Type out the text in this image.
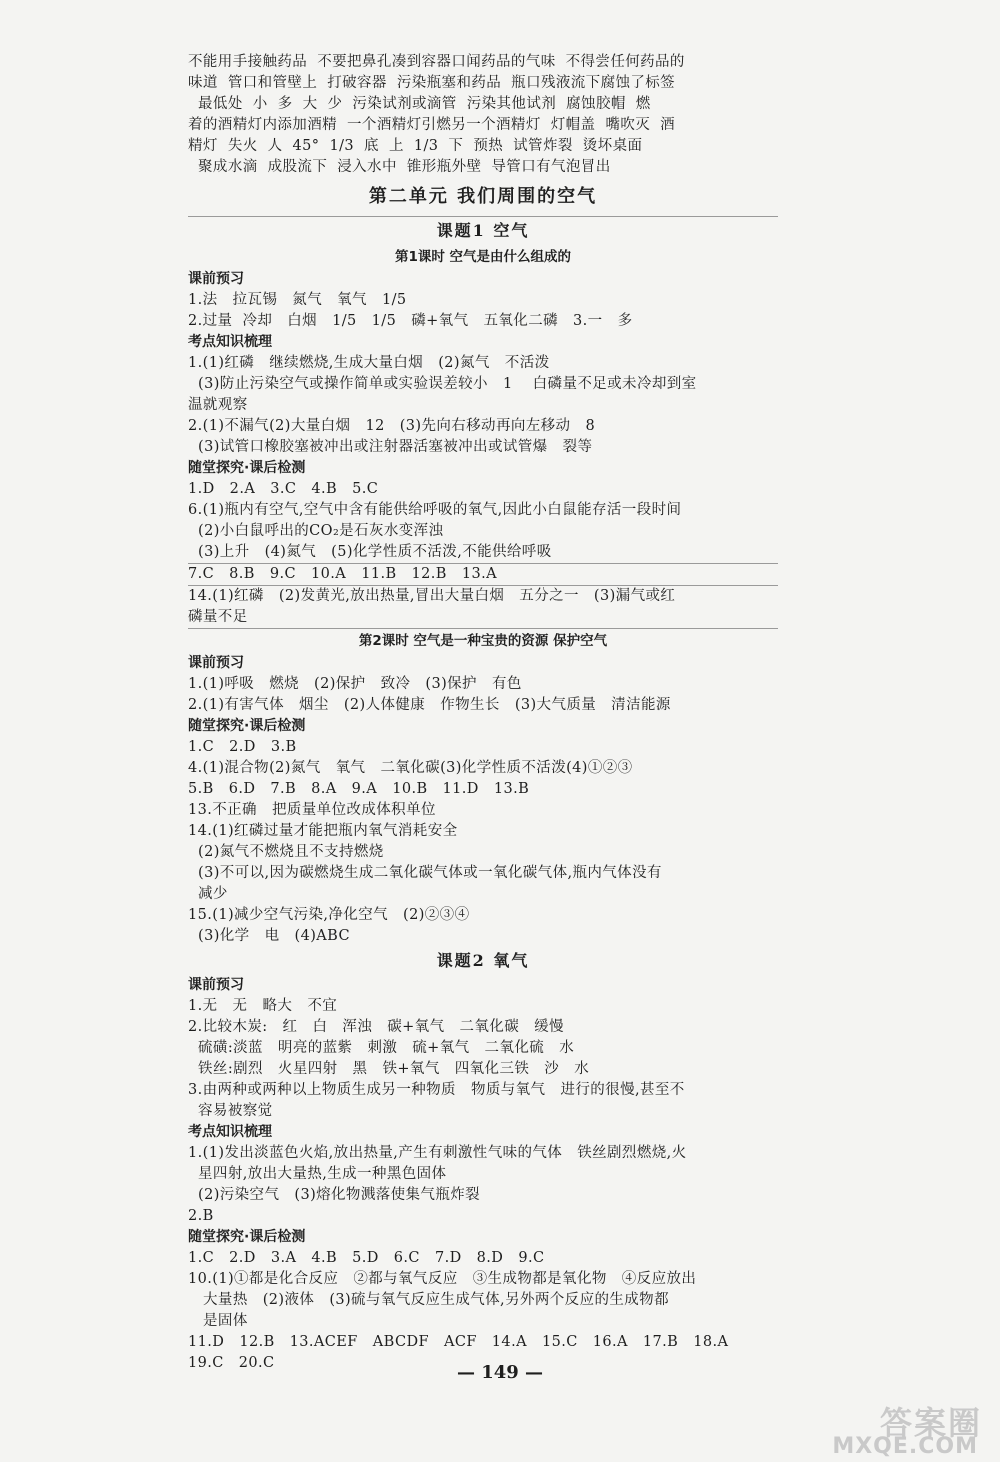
不能用手接触药品  不要把鼻孔凑到容器口闻药品的气味  不得尝任何药品的
味道  管口和管壁上  打破容器  污染瓶塞和药品  瓶口残液流下腐蚀了标签
最低处  小  多  大  少  污染试剂或滴管  污染其他试剂  腐蚀胶帽  燃
着的酒精灯内添加酒精  一个酒精灯引燃另一个酒精灯  灯帽盖  嘴吹灭  酒
精灯  失火  人  45°  1/3  底  上  1/3  下  预热  试管炸裂  烫坏桌面
聚成水滴  成股流下  浸入水中  锥形瓶外壁  导管口有气泡冒出
第二单元 我们周围的空气
课题1 空气
第1课时 空气是由什么组成的
课前预习
1.法   拉瓦锡   氮气   氧气   1/5
2.过量  冷却   白烟   1/5   1/5   磷+氧气   五氧化二磷   3.一   多
考点知识梳理
1.(1)红磷   继续燃烧,生成大量白烟   (2)氮气   不活泼
(3)防止污染空气或操作简单或实验误差较小   1    白磷量不足或未冷却到室
温就观察
2.(1)不漏气(2)大量白烟   12   (3)先向右移动再向左移动   8
(3)试管口橡胶塞被冲出或注射器活塞被冲出或试管爆   裂等
随堂探究·课后检测
1.D   2.A   3.C   4.B   5.C
6.(1)瓶内有空气,空气中含有能供给呼吸的氧气,因此小白鼠能存活一段时间
(2)小白鼠呼出的CO₂是石灰水变浑浊
(3)上升   (4)氮气   (5)化学性质不活泼,不能供给呼吸
7.C   8.B   9.C   10.A   11.B   12.B   13.A
14.(1)红磷   (2)发黄光,放出热量,冒出大量白烟   五分之一   (3)漏气或红
磷量不足
第2课时 空气是一种宝贵的资源 保护空气
课前预习
1.(1)呼吸   燃烧   (2)保护   致冷   (3)保护   有色
2.(1)有害气体   烟尘   (2)人体健康   作物生长   (3)大气质量   清洁能源
随堂探究·课后检测
1.C   2.D   3.B
4.(1)混合物(2)氮气   氧气   二氧化碳(3)化学性质不活泼(4)①②③
5.B   6.D   7.B   8.A   9.A   10.B   11.D   13.B
13.不正确   把质量单位改成体积单位
14.(1)红磷过量才能把瓶内氧气消耗安全
(2)氮气不燃烧且不支持燃烧
(3)不可以,因为碳燃烧生成二氧化碳气体或一氧化碳气体,瓶内气体没有
减少
15.(1)减少空气污染,净化空气   (2)②③④
(3)化学   电   (4)ABC
课题2 氧气
课前预习
1.无   无   略大   不宜
2.比较木炭:   红   白   浑浊   碳+氧气   二氧化碳   缓慢
硫磺:淡蓝   明亮的蓝紫   刺激   硫+氧气   二氧化硫   水
铁丝:剧烈   火星四射   黑   铁+氧气   四氧化三铁   沙   水
3.由两种或两种以上物质生成另一种物质   物质与氧气   进行的很慢,甚至不
容易被察觉
考点知识梳理
1.(1)发出淡蓝色火焰,放出热量,产生有刺激性气味的气体   铁丝剧烈燃烧,火
星四射,放出大量热,生成一种黑色固体
(2)污染空气   (3)熔化物溅落使集气瓶炸裂
2.B
随堂探究·课后检测
1.C   2.D   3.A   4.B   5.D   6.C   7.D   8.D   9.C
10.(1)①都是化合反应   ②都与氧气反应   ③生成物都是氧化物   ④反应放出
大量热   (2)液体   (3)硫与氧气反应生成气体,另外两个反应的生成物都
是固体
11.D   12.B   13.ACEF   ABCDF   ACF   14.A   15.C   16.A   17.B   18.A
19.C   20.C	— 149 —
答案圈
MXQE.COM
